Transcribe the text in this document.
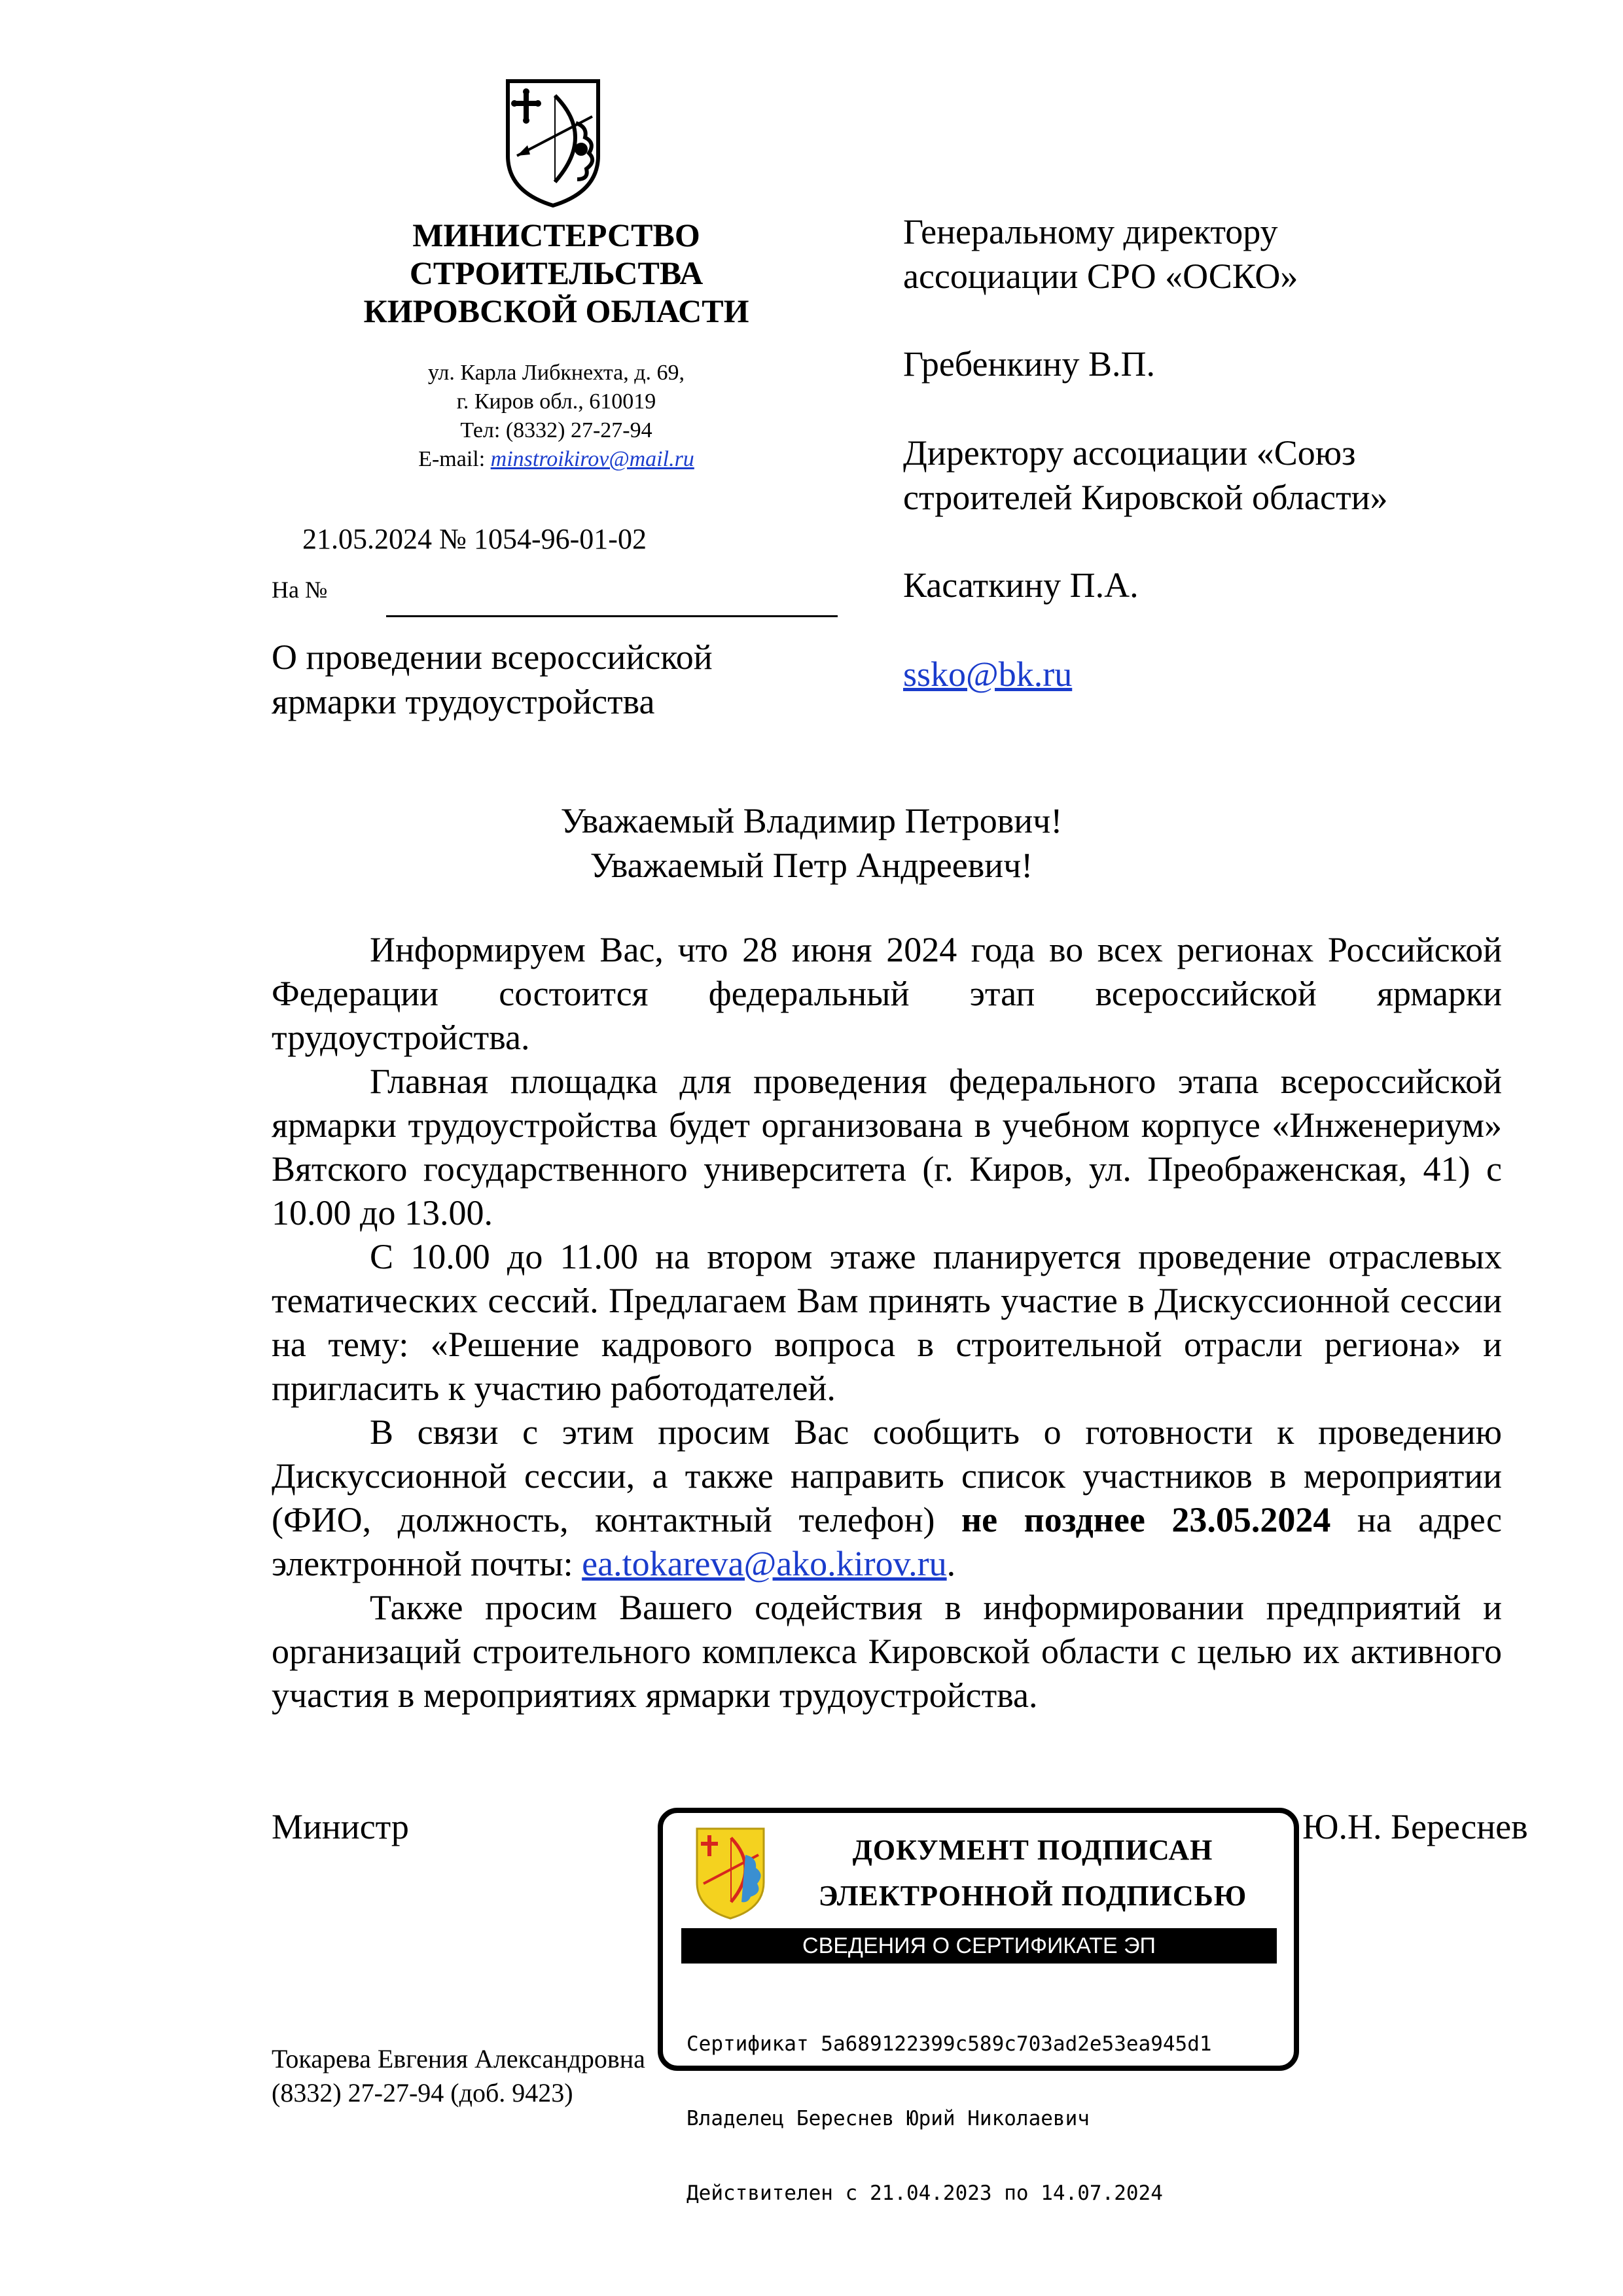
МИНИСТЕРСТВО
СТРОИТЕЛЬСТВА
КИРОВСКОЙ ОБЛАСТИ
ул. Карла Либкнехта, д. 69,
г. Киров обл., 610019
Тел: (8332) 27-27-94
E-mail: minstroikirov@mail.ru
21.05.2024 № 1054-96-01-02
На №
О проведении всероссийской
ярмарки трудоустройства
Генеральному директору
ассоциации СРО «ОСКО»
Гребенкину В.П.
Директору ассоциации «Союз
строителей Кировской области»
Касаткину П.А.
ssko@bk.ru
Уважаемый Владимир Петрович!
Уважаемый Петр Андреевич!

Информируем Вас, что 28 июня 2024 года во всех регионах Российской Федерации состоится федеральный этап всероссийской ярмарки трудоустройства.

Главная площадка для проведения федерального этапа всероссийской ярмарки трудоустройства будет организована в учебном корпусе «Инженериум» Вятского государственного университета (г. Киров, ул. Преображенская, 41) с 10.00 до 13.00.

С 10.00 до 11.00 на втором этаже планируется проведение отраслевых тематических сессий. Предлагаем Вам принять участие в Дискуссионной сессии на тему: «Решение кадрового вопроса в строительной отрасли региона» и пригласить к участию работодателей.

В связи с этим просим Вас сообщить о готовности к проведению Дискуссионной сессии, а также направить список участников в мероприятии (ФИО, должность, контактный телефон) не позднее 23.05.2024 на адрес электронной почты: ea.tokareva@ako.kirov.ru.

Также просим Вашего содействия в информировании предприятий и организаций строительного комплекса Кировской области с целью их активного участия в мероприятиях ярмарки трудоустройства.

Министр	Ю.Н. Береснев
ДОКУМЕНТ ПОДПИСАН
ЭЛЕКТРОННОЙ ПОДПИСЬЮ
СВЕДЕНИЯ О СЕРТИФИКАТЕ ЭП

Сертификат 5a689122399c589c703ad2e53ea945d1

Владелец Береснев Юрий Николаевич

Действителен с 21.04.2023 по 14.07.2024

Токарева Евгения Александровна
(8332) 27-27-94 (доб. 9423)
